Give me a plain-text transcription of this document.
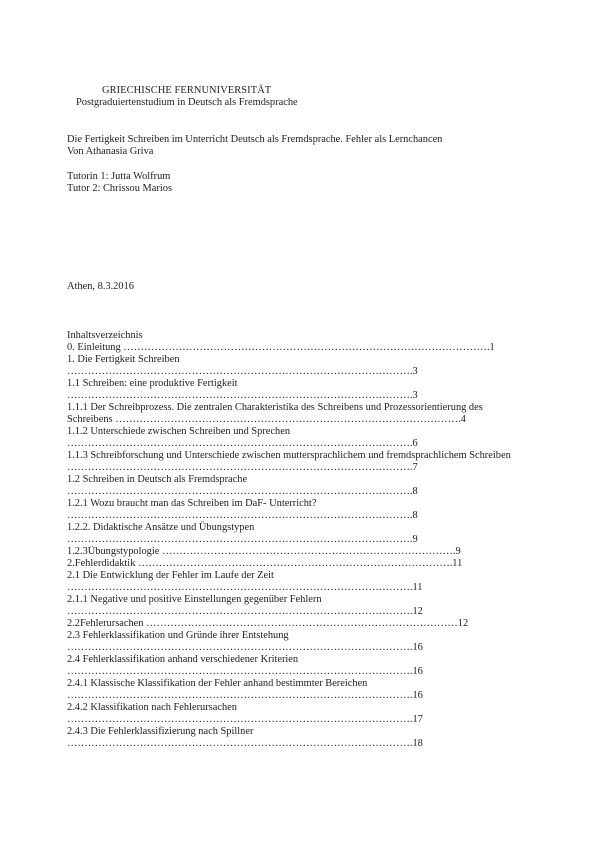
GRIECHISCHE FERNUNIVERSITÄT
Postgraduiertenstudium in Deutsch als Fremdsprache
Die Fertigkeit Schreiben im Unterricht Deutsch als Fremdsprache. Fehler als Lernchancen
Von Athanasia Griva
Tutorin 1: Jutta Wolfrum
Tutor 2: Chrissou Marios
Athen, 8.3.2016
Inhaltsverzeichnis
0. Einleitung …………………………………………………………………………………………….1
1. Die Fertigkeit Schreiben
……………………………………………………………………………………….3
1.1 Schreiben: eine produktive Fertigkeit
……………………………………………………………………………………….3
1.1.1 Der Schreibprozess. Die zentralen Charakteristika des Schreibens und Prozessorientierung des
Schreibens ……………………………………………………………………………………….4
1.1.2 Unterschiede zwischen Schreiben und Sprechen
……………………………………………………………………………………….6
1.1.3 Schreibforschung und Unterschiede zwischen muttersprachlichem und fremdsprachlichem Schreiben
……………………………………………………………………………………….7
1.2 Schreiben in Deutsch als Fremdsprache
……………………………………………………………………………………….8
1.2.1 Wozu braucht man das Schreiben im DaF- Unterricht?
……………………………………………………………………………………….8
1.2.2. Didaktische Ansätze und Übungstypen
……………………………………………………………………………………….9
1.2.3Übungstypologie ………………………………………………………………………….9
2.Fehlerdidaktik ……………………………………………………………………………….11
2.1 Die Entwicklung der Fehler im Laufe der Zeit
……………………………………………………………………………………….11
2.1.1 Negative und positive Einstellungen gegenüber Fehlern
……………………………………………………………………………………….12
2.2Fehlerursachen ………………………………………………………………………………12
2.3 Fehlerklassifikation und Gründe ihrer Entstehung
……………………………………………………………………………………….16
2.4 Fehlerklassifikation anhand verschiedener Kriterien
……………………………………………………………………………………….16
2.4.1 Klassische Klassifikation der Fehler anhand bestimmter Bereichen
……………………………………………………………………………………….16
2.4.2 Klassifikation nach Fehlerursachen
……………………………………………………………………………………….17
2.4.3 Die Fehlerklassifizierung nach Spillner
……………………………………………………………………………………….18
